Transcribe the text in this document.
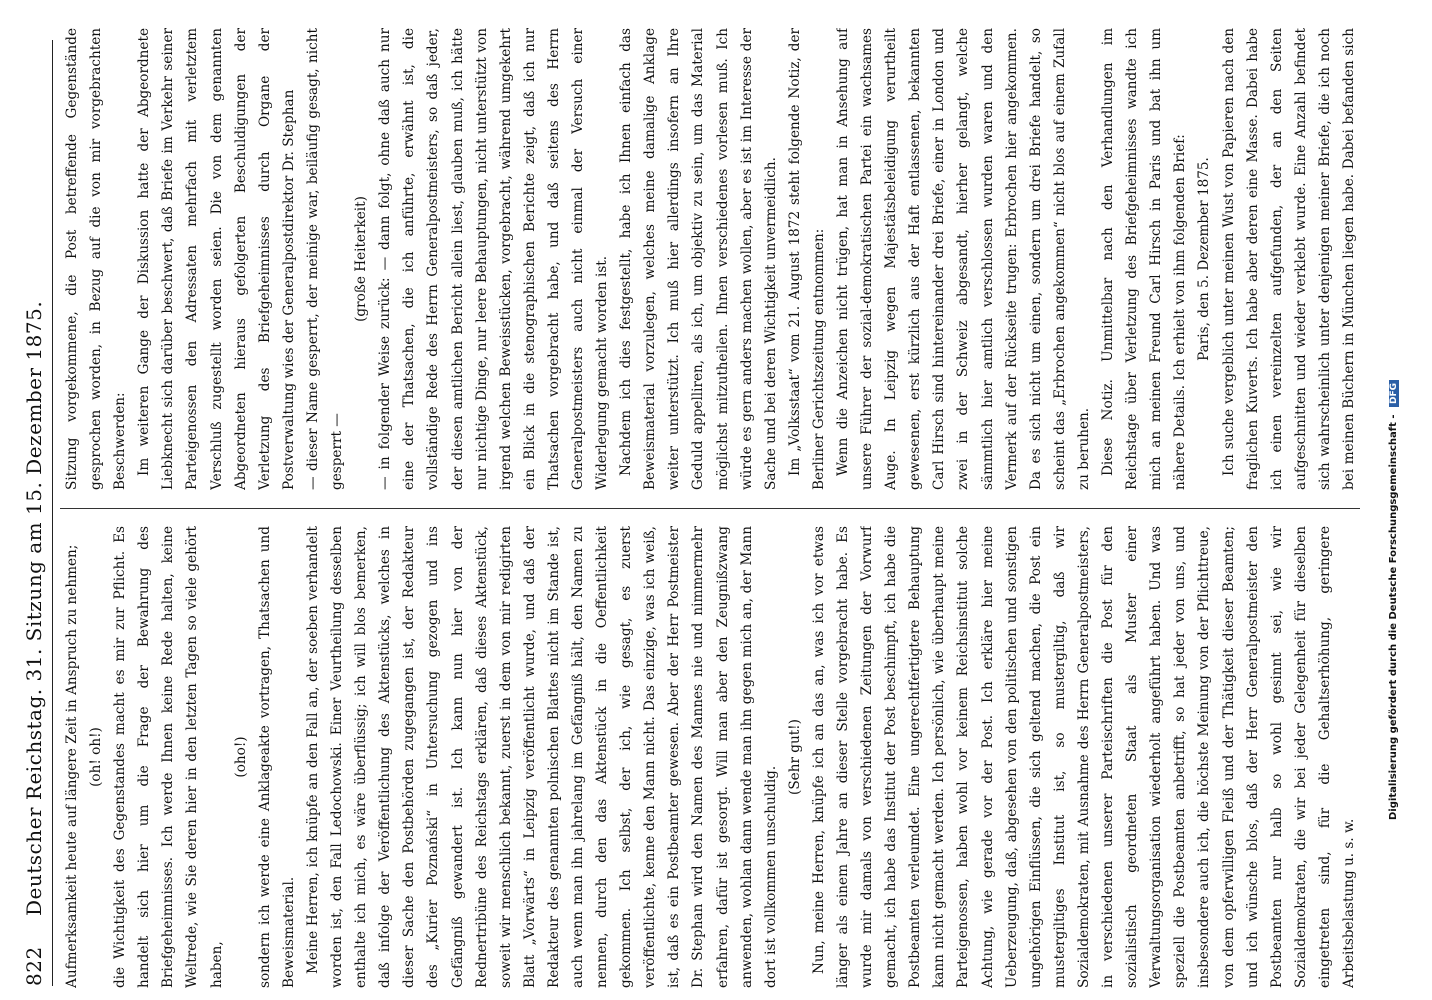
822
Deutscher Reichstag. 31. Sitzung am 15. Dezember 1875. Aufmerksamkeit heute auf längere Zeit in Anspruch zu nehmen; (oh! oh!) die Wichtigkeit des Gegenstandes macht es mir zur Pflicht. Es handelt sich hier um die Frage der Bewahrung des Briefgeheimnisses. Ich werde Ihnen keine Rede halten, keine Weltrede, wie Sie deren hier in den letzten Tagen so viele gehört haben,

(oho!) sondern ich werde eine Anklageakte vortragen, Thatsachen und Beweismaterial. Meine Herren, ich knüpfe an den Fall an, der soeben verhandelt worden ist, den Fall Ledochowski. Einer Veurtheilung desselben enthalte ich mich, es wäre überflüssig; ich will blos bemerken, daß infolge der Veröffentlichung des Aktenstücks, welches in dieser Sache den Postbehörden zugegangen ist, der Redakteur des „Kurier Poznański“ in Untersuchung gezogen und ins Gefängniß gewandert ist. Ich kann nun hier von der Rednertribüne des Reichstags erklären, daß dieses Aktenstück, soweit wir menschlich bekannt, zuerst in dem von mir redigirten Blatt „Vorwärts“ in Leipzig veröffentlicht wurde, und daß der Redakteur des genannten polnischen Blattes nicht im Stande ist, auch wenn man ihn jahrelang im Gefängniß hält, den Namen zu nennen, durch den das Aktenstück in die Oeffentlichkeit gekommen. Ich selbst, der ich, wie gesagt, es zuerst veröffentlichte, kenne den Mann nicht. Das einzige, was ich weiß, ist, daß es ein Postbeamter gewesen. Aber der Herr Postmeister Dr. Stephan wird den Namen des Mannes nie und nimmermehr erfahren, dafür ist gesorgt. Will man aber den Zeugnißzwang anwenden, wohlan dann wende man ihn gegen mich an, der Mann dort ist vollkommen unschuldig.

(Sehr gut!) Nun, meine Herren, knüpfe ich an das an, was ich vor etwas länger als einem Jahre an dieser Stelle vorgebracht habe. Es wurde mir damals von verschiedenen Zeitungen der Vorwurf gemacht, ich habe das Institut der Post beschimpft, ich habe die Postbeamten verleumdet. Eine ungerechtfertigtere Behauptung kann nicht gemacht werden. Ich persönlich, wie überhaupt meine Parteigenossen, haben wohl vor keinem Reichsinstitut solche Achtung, wie gerade vor der Post. Ich erkläre hier meine Ueberzeugung, daß, abgesehen von den politischen und sonstigen ungehörigen Einflüssen, die sich geltend machen, die Post ein mustergiltiges Institut ist, so mustergiltig, daß wir Sozialdemokraten, mit Ausnahme des Herrn Generalpostmeisters, in verschiedenen unserer Parteischriften die Post für den sozialistisch geordneten Staat als Muster einer Verwaltungsorganisation wiederholt angeführt haben. Und was speziell die Postbeamten anbetrifft, so hat jeder von uns, und insbesondere auch ich, die höchste Meinung von der Pflichttreue, von dem opferwilligen Fleiß und der Thätigkeit dieser Beamten; und ich wünsche blos, daß der Herr Generalpostmeister den Postbeamten nur halb so wohl gesinnt sei, wie wir Sozialdemokraten, die wir bei jeder Gelegenheit für dieselben eingetreten sind, für die Gehaltserhöhung, geringere Arbeitsbelastung u. s. w.

Sitzung vorgekommene, die Post betreffende Gegenstände gesprochen worden, in Bezug auf die von mir vorgebrachten Beschwerden: Im weiteren Gange der Diskussion hatte der Abgeordnete Liebknecht sich darüber beschwert, daß Briefe im Verkehr seiner Parteigenossen den Adressaten mehrfach mit verletztem Verschluß zugestellt worden seien. Die von dem genannten Abgeordneten hieraus gefolgerten Beschuldigungen der Verletzung des Briefgeheimnisses durch Organe der Postverwaltung wies der Generalpostdirektor Dr. Stephan — dieser Name gesperrt, der meinige war, beiläufig gesagt, nicht gesperrt —

(große Heiterkeit) — in folgender Weise zurück: — dann folgt, ohne daß auch nur eine der Thatsachen, die ich anführte, erwähnt ist, die vollständige Rede des Herrn Generalpostmeisters, so daß jeder, der diesen amtlichen Bericht allein liest, glauben muß, ich hätte nur nichtige Dinge, nur leere Behauptungen, nicht unterstützt von irgend welchen Beweisstücken, vorgebracht, während umgekehrt ein Blick in die stenographischen Berichte zeigt, daß ich nur Thatsachen vorgebracht habe, und daß seitens des Herrn Generalpostmeisters auch nicht einmal der Versuch einer Widerlegung gemacht worden ist. Nachdem ich dies festgestellt, habe ich Ihnen einfach das Beweismaterial vorzulegen, welches meine damalige Anklage weiter unterstützt. Ich muß hier allerdings insofern an Ihre Geduld appelliren, als ich, um objektiv zu sein, um das Material möglichst mitzutheilen. Ihnen verschiedenes vorlesen muß. Ich würde es gern anders machen wollen, aber es ist im Interesse der Sache und bei deren Wichtigkeit unvermeidlich. Im „Volksstaat“ vom 21. August 1872 steht folgende Notiz, der Berliner Gerichtszeitung entnommen: Wenn die Anzeichen nicht trügen, hat man in Ansehung auf unsere Führer der sozial-demokratischen Partei ein wachsames Auge. In Leipzig wegen Majestätsbeleidigung verurtheilt gewesenen, erst kürzlich aus der Haft entlassenen, bekannten Carl Hirsch sind hintereinander drei Briefe, einer in London und zwei in der Schweiz abgesandt, hierher gelangt, welche sämmtlich hier amtlich verschlossen wurden waren und den Vermerk auf der Rückseite trugen: Erbrochen hier angekommen. Da es sich nicht um einen, sondern um drei Briefe handelt, so scheint das „Erbrochen angekommen“ nicht blos auf einem Zufall zu beruhen. Diese Notiz. Unmittelbar nach den Verhandlungen im Reichstage über Verletzung des Briefgeheimnisses wandte ich mich an meinen Freund Carl Hirsch in Paris und bat ihn um nähere Details. Ich erhielt von ihm folgenden Brief: Paris, den 5. Dezember 1875.

Ich suche vergeblich unter meinen Wust von Papieren nach den fraglichen Kuverts. Ich habe aber deren eine Masse. Dabei habe ich einen vereinzelten aufgefunden, der an den Seiten aufgeschnitten und wieder verklebt wurde. Eine Anzahl befindet sich wahrscheinlich unter denjenigen meiner Briefe, die ich noch bei meinen Büchern in München liegen habe. Dabei befanden sich

Digitalisierung gefördert durch die Deutsche Forschungsgemeinschaft - DFG
